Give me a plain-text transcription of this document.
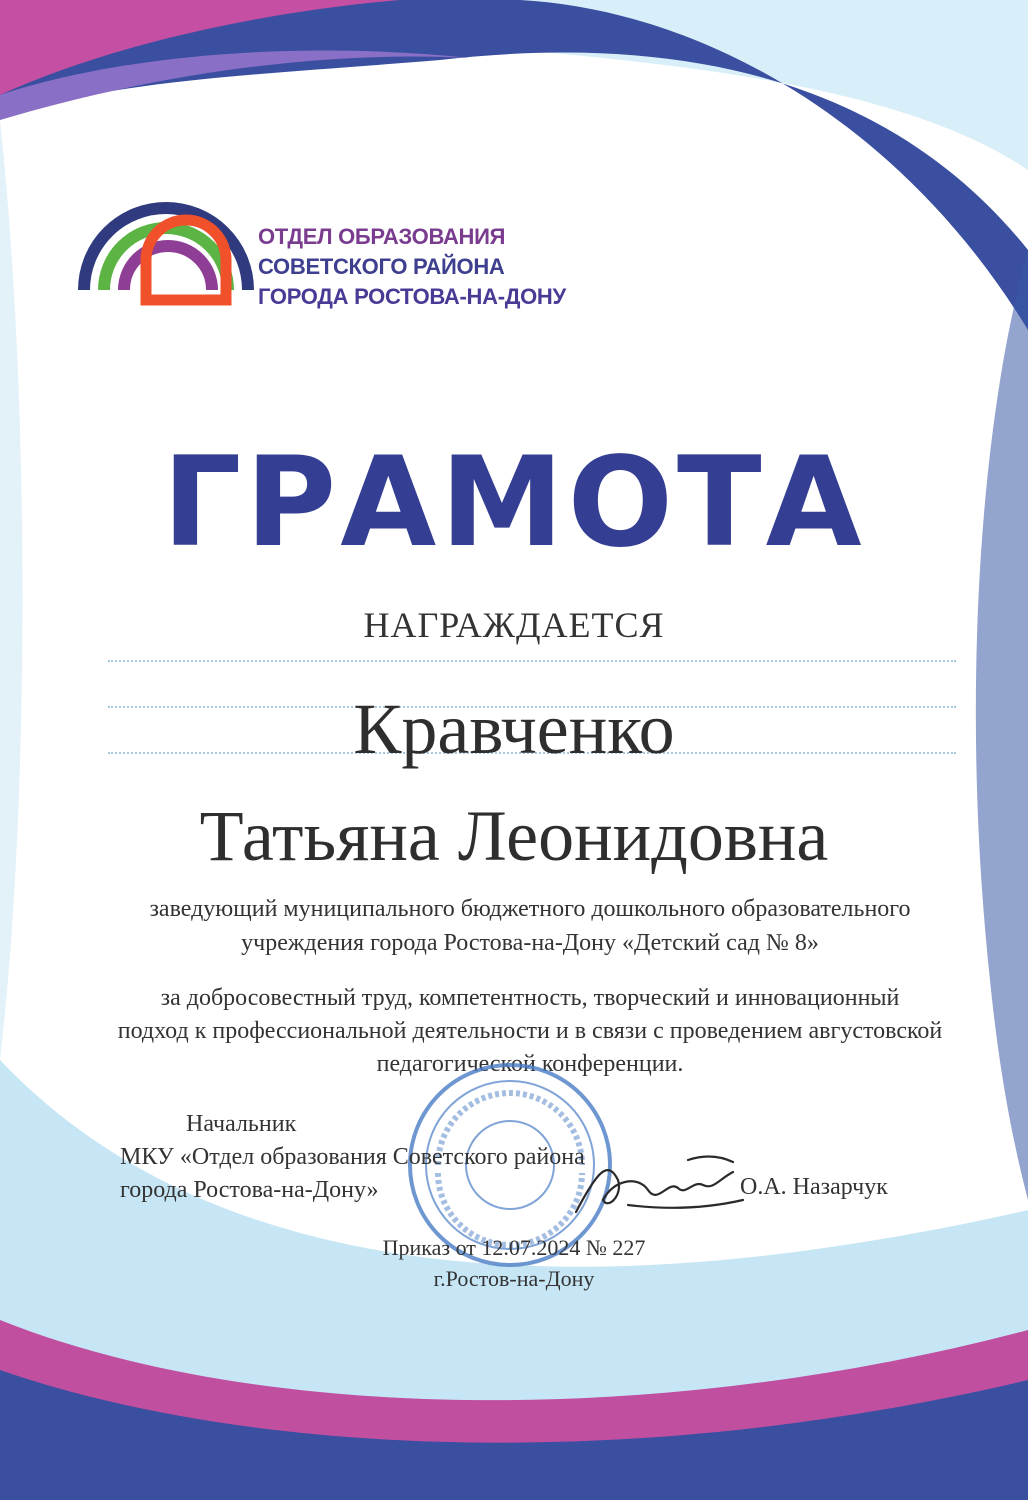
ОТДЕЛ ОБРАЗОВАНИЯ
СОВЕТСКОГО РАЙОНА
ГОРОДА РОСТОВА-НА-ДОНУ
ГРАМОТА
НАГРАЖДАЕТСЯ
Кравченко
Татьяна Леонидовна
заведующий муниципального бюджетного дошкольного образовательного
учреждения города Ростова-на-Дону «Детский сад № 8»
за добросовестный труд, компетентность, творческий и инновационный
подход к профессиональной деятельности и в связи с проведением августовской
педагогической конференции.
Начальник
МКУ «Отдел образования Советского района
города Ростова-на-Дону»	О.А. Назарчук
Приказ от 12.07.2024 № 227
г.Ростов-на-Дону
